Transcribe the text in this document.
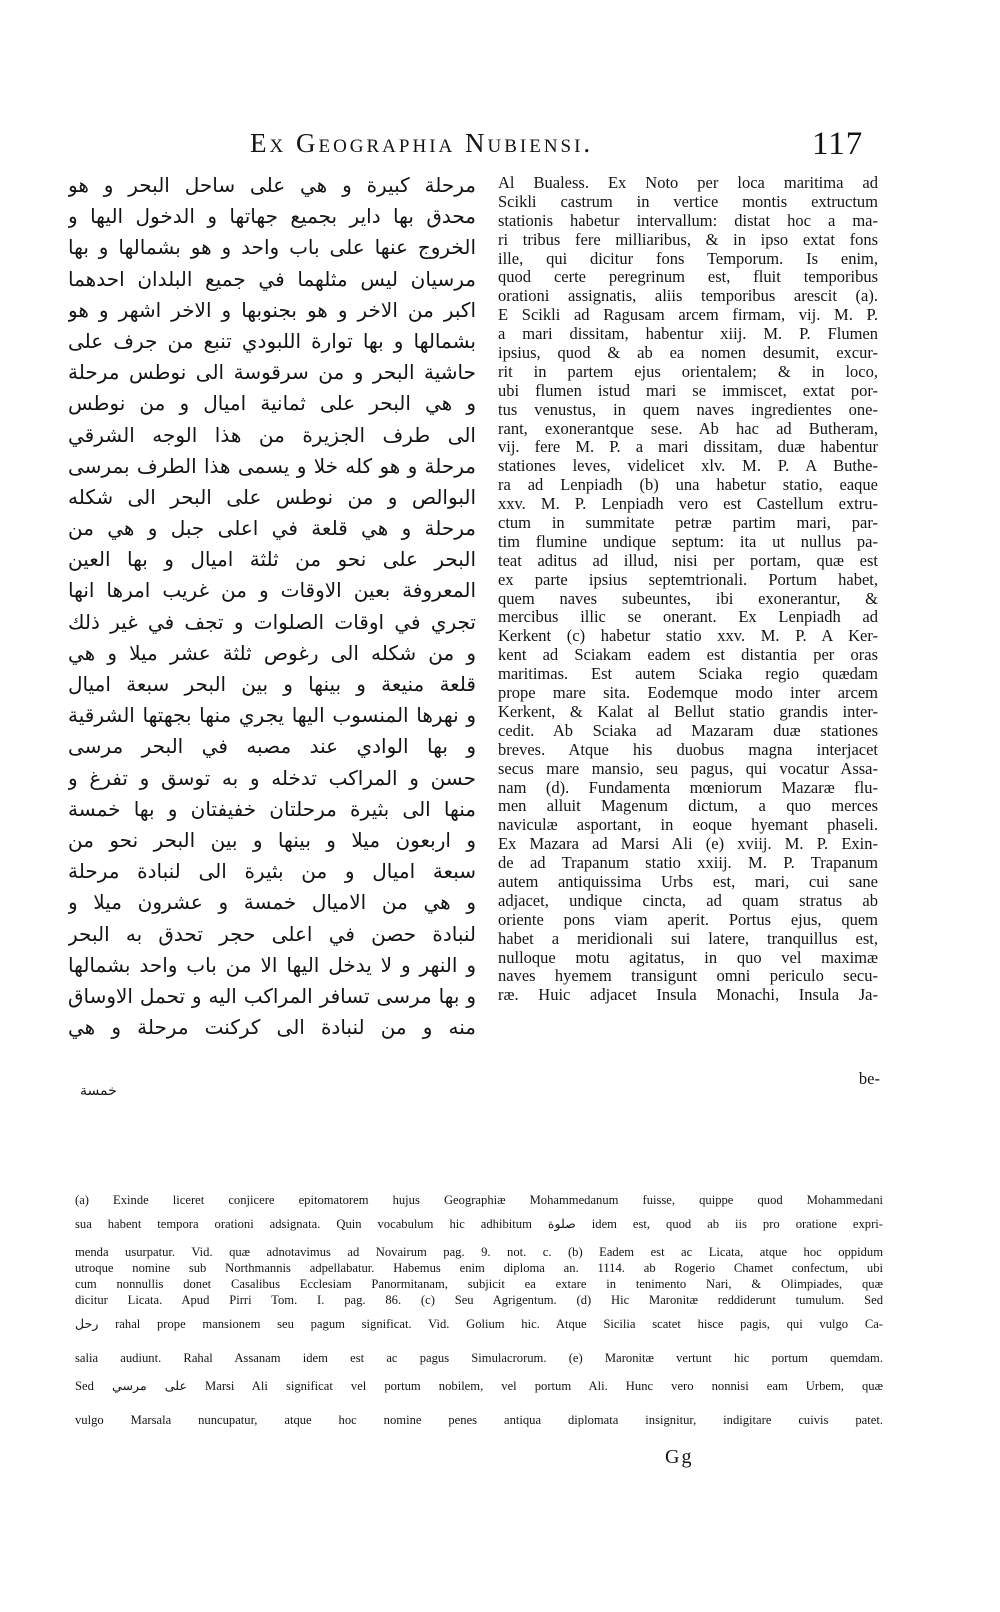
Ex Geographia Nubiensi.	117
مرحلة كبيرة و هي على ساحل البحر و هو
محدق بها داير بجميع جهاتها و الدخول اليها و
الخروج عنها على باب واحد و هو بشمالها و بها
مرسيان ليس مثلهما في جميع البلدان احدهما
اكبر من الاخر و هو بجنوبها و الاخر اشهر و هو
بشمالها و بها توارة اللبودي تنبع من جرف على
حاشية البحر و من سرقوسة الى نوطس مرحلة
و هي البحر على ثمانية اميال و من نوطس
الى طرف الجزيرة من هذا الوجه الشرقي
مرحلة و هو كله خلا و يسمى هذا الطرف بمرسى
البوالص و من نوطس على البحر الى شكله
مرحلة و هي قلعة في اعلى جبل و هي من
البحر على نحو من ثلثة اميال و بها العين
المعروفة بعين الاوقات و من غريب امرها انها
تجري في اوقات الصلوات و تجف في غير ذلك
و من شكله الى رغوص ثلثة عشر ميلا و هي
قلعة منيعة و بينها و بين البحر سبعة اميال
و نهرها المنسوب اليها يجري منها بجهتها الشرقية
و بها الوادي عند مصبه في البحر مرسى
حسن و المراكب تدخله و به توسق و تفرغ و
منها الى بثيرة مرحلتان خفيفتان و بها خمسة
و اربعون ميلا و بينها و بين البحر نحو من
سبعة اميال و من بثيرة الى لنبادة مرحلة
و هي من الاميال خمسة و عشرون ميلا و
لنبادة حصن في اعلى حجر تحدق به البحر
و النهر و لا يدخل اليها الا من باب واحد بشمالها
و بها مرسى تسافر المراكب اليه و تحمل الاوساق
منه و من لنبادة الى كركنت مرحلة و هي
خمسة
Al Bualess. Ex Noto per loca maritima ad
Scikli castrum in vertice montis extructum
stationis habetur intervallum: distat hoc a ma-
ri tribus fere milliaribus, & in ipso extat fons
ille, qui dicitur fons Temporum. Is enim,
quod certe peregrinum est, fluit temporibus
orationi assignatis, aliis temporibus arescit (a).
E Scikli ad Ragusam arcem firmam, vij. M. P.
a mari dissitam, habentur xiij. M. P. Flumen
ipsius, quod & ab ea nomen desumit, excur-
rit in partem ejus orientalem; & in loco,
ubi flumen istud mari se immiscet, extat por-
tus venustus, in quem naves ingredientes one-
rant, exonerantque sese. Ab hac ad Butheram,
vij. fere M. P. a mari dissitam, duæ habentur
stationes leves, videlicet xlv. M. P. A Buthe-
ra ad Lenpiadh (b) una habetur statio, eaque
xxv. M. P. Lenpiadh vero est Castellum extru-
ctum in summitate petræ partim mari, par-
tim flumine undique septum: ita ut nullus pa-
teat aditus ad illud, nisi per portam, quæ est
ex parte ipsius septemtrionali. Portum habet,
quem naves subeuntes, ibi exonerantur, &
mercibus illic se onerant. Ex Lenpiadh ad
Kerkent (c) habetur statio xxv. M. P. A Ker-
kent ad Sciakam eadem est distantia per oras
maritimas. Est autem Sciaka regio quædam
prope mare sita. Eodemque modo inter arcem
Kerkent, & Kalat al Bellut statio grandis inter-
cedit. Ab Sciaka ad Mazaram duæ stationes
breves. Atque his duobus magna interjacet
secus mare mansio, seu pagus, qui vocatur Assa-
nam (d). Fundamenta mœniorum Mazaræ flu-
men alluit Magenum dictum, a quo merces
naviculæ asportant, in eoque hyemant phaseli.
Ex Mazara ad Marsi Ali (e) xviij. M. P. Exin-
de ad Trapanum statio xxiij. M. P. Trapanum
autem antiquissima Urbs est, mari, cui sane
adjacet, undique cincta, ad quam stratus ab
oriente pons viam aperit. Portus ejus, quem
habet a meridionali sui latere, tranquillus est,
nulloque motu agitatus, in quo vel maximæ
naves hyemem transigunt omni periculo secu-
ræ. Huic adjacet Insula Monachi, Insula Ja-
be-
(a) Exinde liceret conjicere epitomatorem hujus Geographiæ Mohammedanum fuisse, quippe quod Mohammedani
sua habent tempora orationi adsignata. Quin vocabulum hic adhibitum صلوة idem est, quod ab iis pro oratione expri-
menda usurpatur. Vid. quæ adnotavimus ad Novairum pag. 9. not. c. (b) Eadem est ac Licata, atque hoc oppidum
utroque nomine sub Northmannis adpellabatur. Habemus enim diploma an. 1114. ab Rogerio Chamet confectum, ubi
cum nonnullis donet Casalibus Ecclesiam Panormitanam, subjicit ea extare in tenimento Nari, & Olimpiades, quæ
dicitur Licata. Apud Pirri Tom. I. pag. 86. (c) Seu Agrigentum. (d) Hic Maronitæ reddiderunt tumulum. Sed
رحل rahal prope mansionem seu pagum significat. Vid. Golium hic. Atque Sicilia scatet hisce pagis, qui vulgo Ca-
salia audiunt. Rahal Assanam idem est ac pagus Simulacrorum. (e) Maronitæ vertunt hic portum quemdam.
Sed على مرسي Marsi Ali significat vel portum nobilem, vel portum Ali. Hunc vero nonnisi eam Urbem, quæ
vulgo Marsala nuncupatur, atque hoc nomine penes antiqua diplomata insignitur, indigitare cuivis patet.
Gg
